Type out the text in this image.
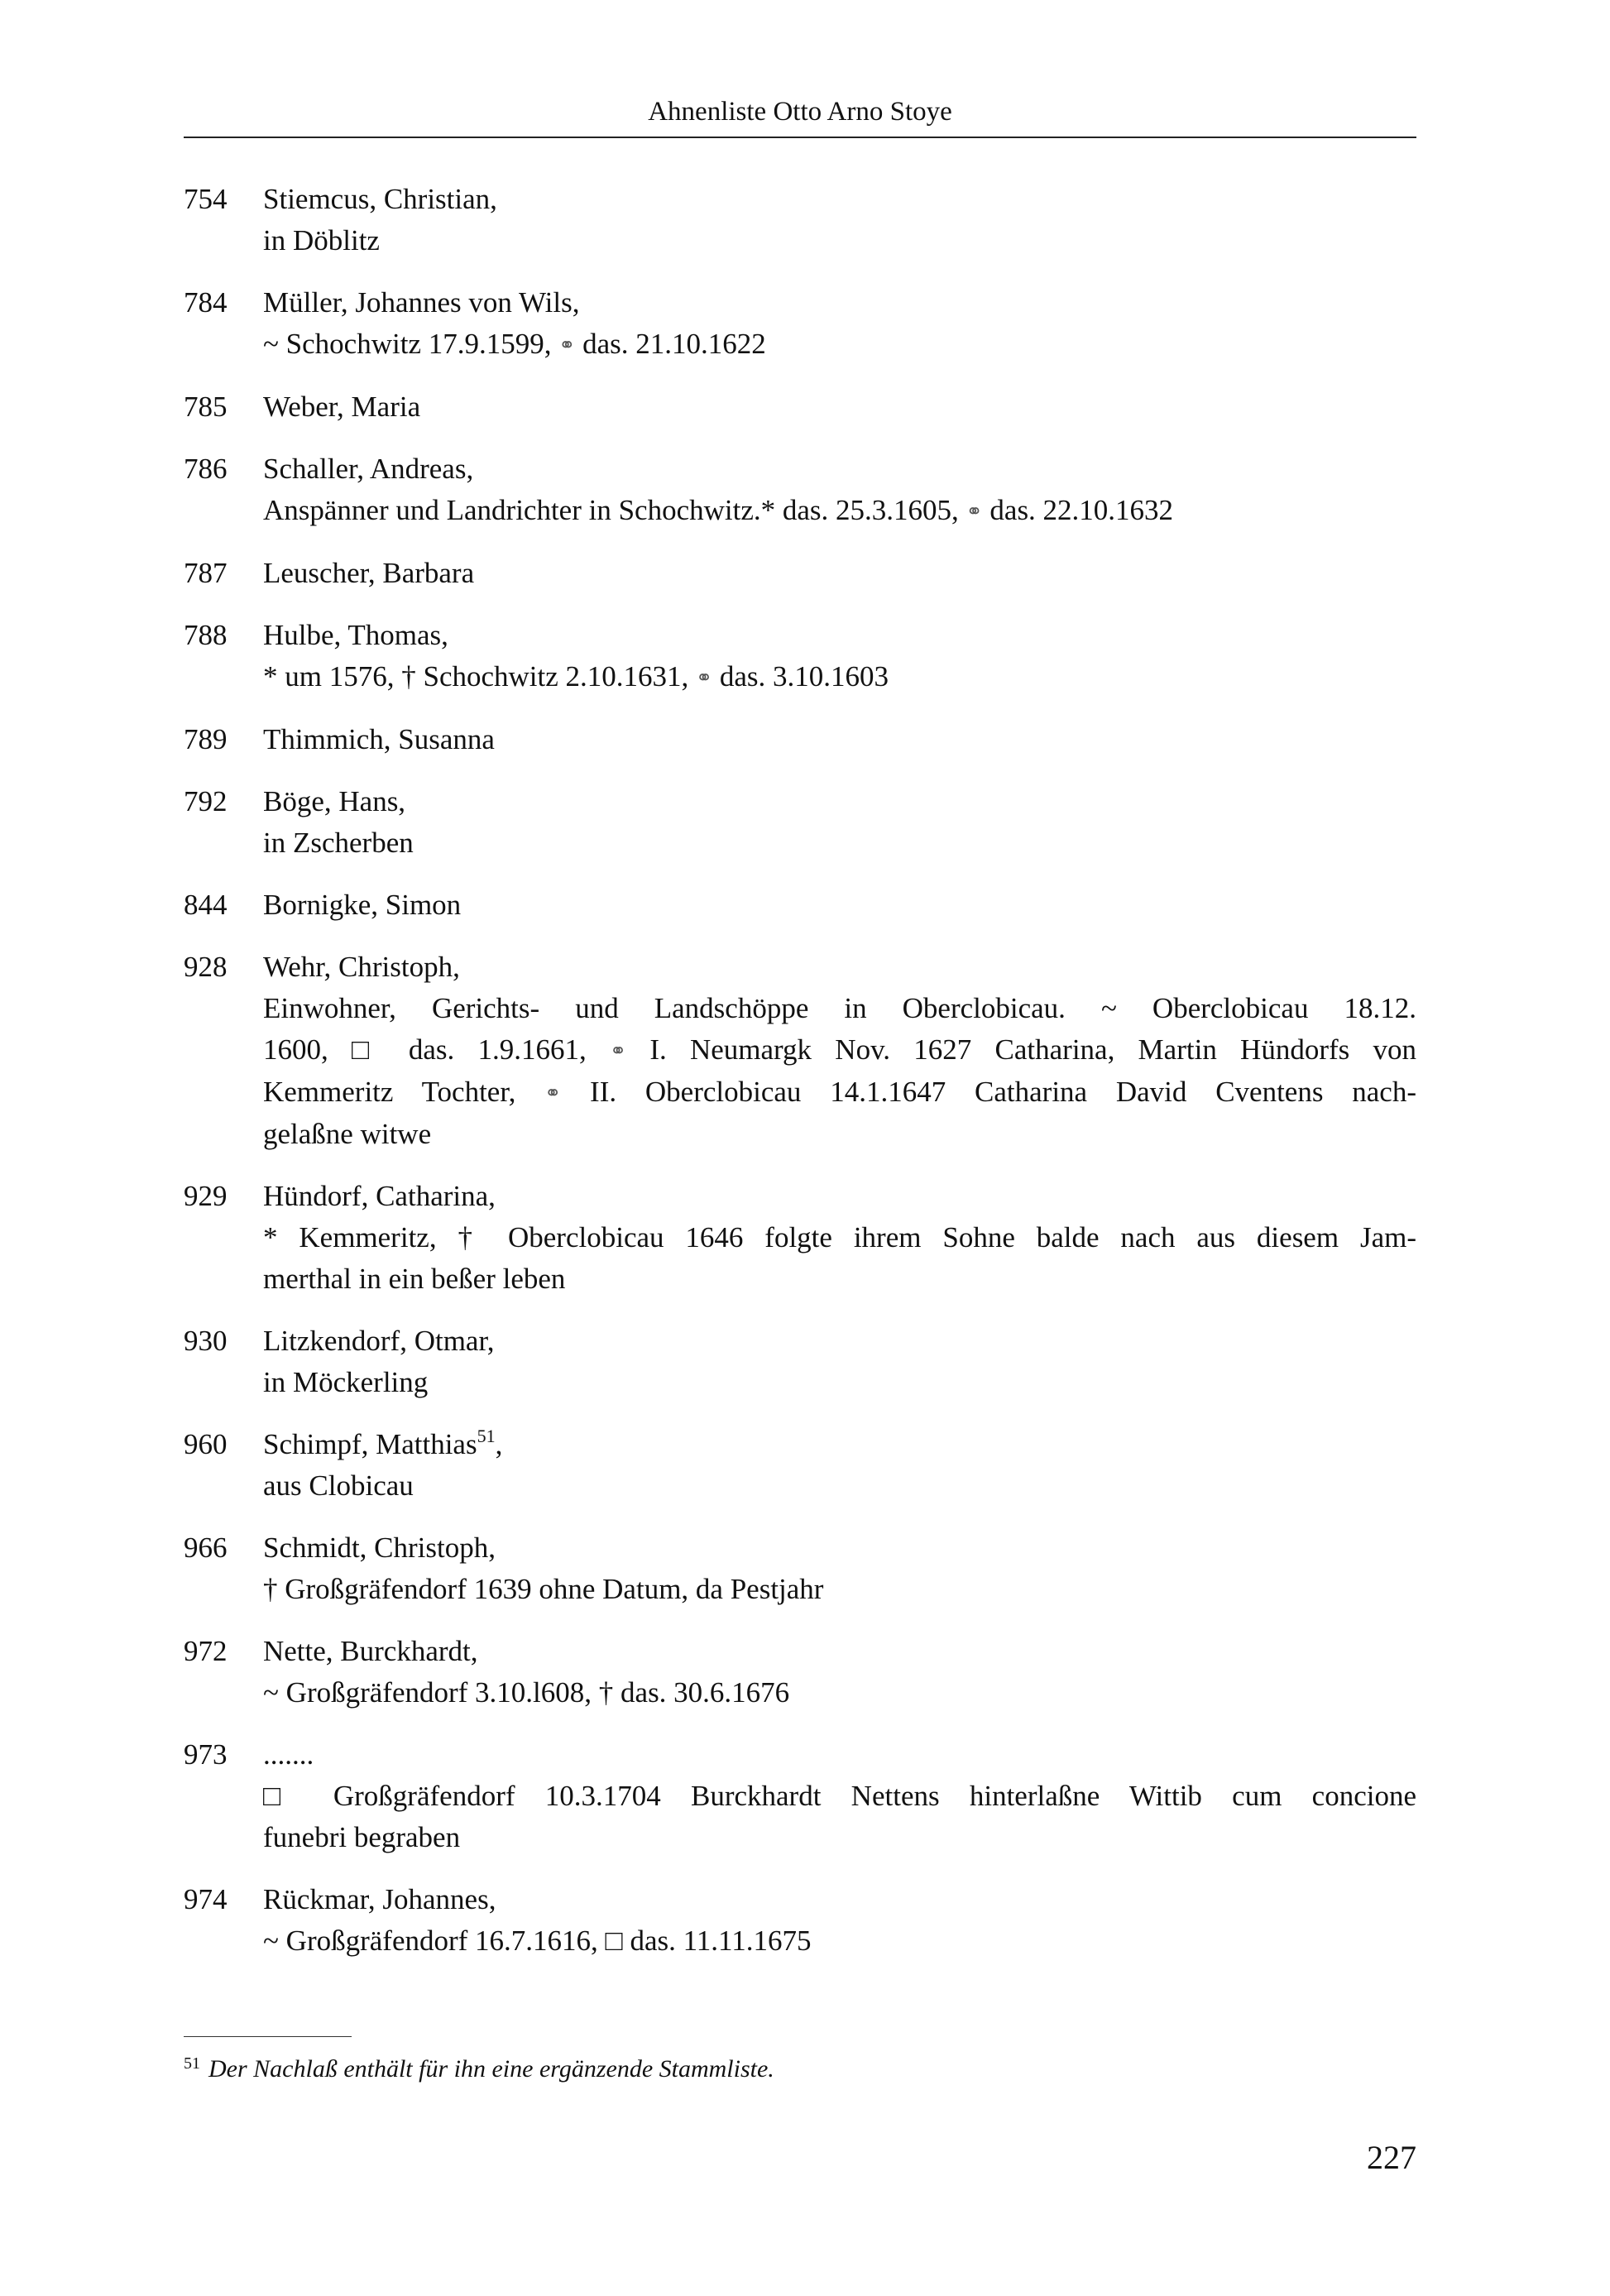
Ahnenliste Otto Arno Stoye
754	Stiemcus, Christian,
in Döblitz
784	Müller, Johannes von Wils,
~ Schochwitz 17.9.1599, ⚭ das. 21.10.1622
785	Weber, Maria
786	Schaller, Andreas,
Anspänner und Landrichter in Schochwitz.* das. 25.3.1605, ⚭ das. 22.10.1632
787	Leuscher, Barbara
788	Hulbe, Thomas,
* um 1576, † Schochwitz 2.10.1631, ⚭ das. 3.10.1603
789	Thimmich, Susanna
792	Böge, Hans,
in Zscherben
844	Bornigke, Simon
928	Wehr, Christoph,
Einwohner, Gerichts- und Landschöppe in Oberclobicau. ~ Oberclobicau 18.12.
1600, □ das. 1.9.1661, ⚭ I. Neumargk Nov. 1627 Catharina, Martin Hündorfs von
Kemmeritz Tochter, ⚭ II. Oberclobicau 14.1.1647 Catharina David Cventens nach-
gelaßne witwe
929	Hündorf, Catharina,
* Kemmeritz, † Oberclobicau 1646 folgte ihrem Sohne balde nach aus diesem Jam-
merthal in ein beßer leben
930	Litzkendorf, Otmar,
in Möckerling
960	Schimpf, Matthias$^{51}$,
aus Clobicau
966	Schmidt, Christoph,
† Großgräfendorf 1639 ohne Datum, da Pestjahr
972	Nette, Burckhardt,
~ Großgräfendorf 3.10.l608, † das. 30.6.1676
973	.......
□ Großgräfendorf 10.3.1704 Burckhardt Nettens hinterlaßne Wittib cum concione
funebri begraben
974	Rückmar, Johannes,
~ Großgräfendorf 16.7.1616, □ das. 11.11.1675
$^{51}$ Der Nachlaß enthält für ihn eine ergänzende Stammliste.
227
